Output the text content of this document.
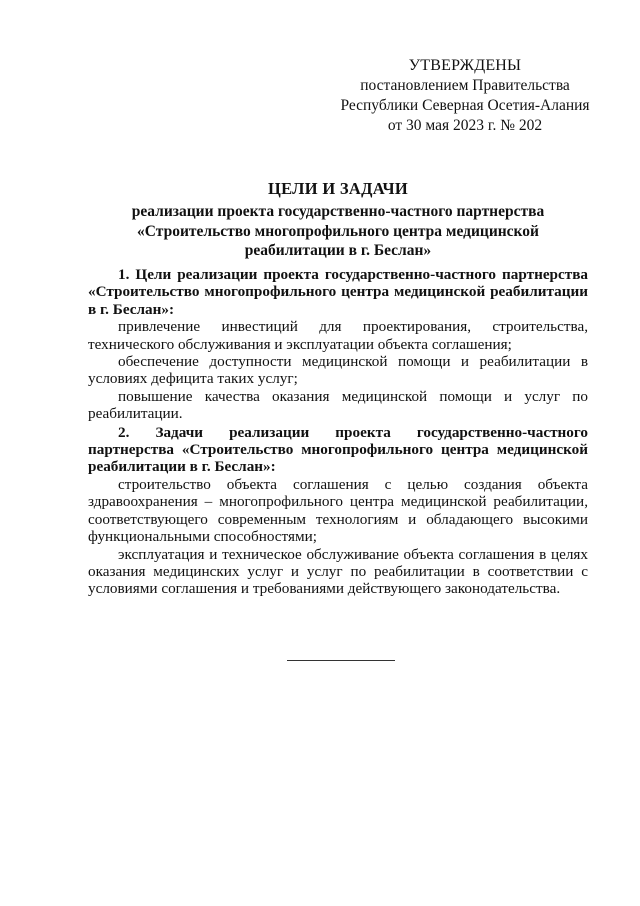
УТВЕРЖДЕНЫ
постановлением Правительства
Республики Северная Осетия-Алания
от 30 мая 2023 г. № 202
ЦЕЛИ И ЗАДАЧИ
реализации проекта государственно-частного партнерства
«Строительство многопрофильного центра медицинской
реабилитации в г. Беслан»

1. Цели реализации проекта государственно-частного партнерства «Строительство многопрофильного центра медицинской реабилитации в г. Беслан»:

привлечение инвестиций для проектирования, строительства, технического обслуживания и эксплуатации объекта соглашения;

обеспечение доступности медицинской помощи и реабилитации в условиях дефицита таких услуг;

повышение качества оказания медицинской помощи и услуг по реабилитации.

2. Задачи реализации проекта государственно-частного партнерства «Строительство многопрофильного центра медицинской реабилитации в г. Беслан»:

строительство объекта соглашения с целью создания объекта здравоохранения – многопрофильного центра медицинской реабилитации, соответствующего современным технологиям и обладающего высокими функциональными способностями;

эксплуатация и техническое обслуживание объекта соглашения в целях оказания медицинских услуг и услуг по реабилитации в соответствии с условиями соглашения и требованиями действующего законодательства.
